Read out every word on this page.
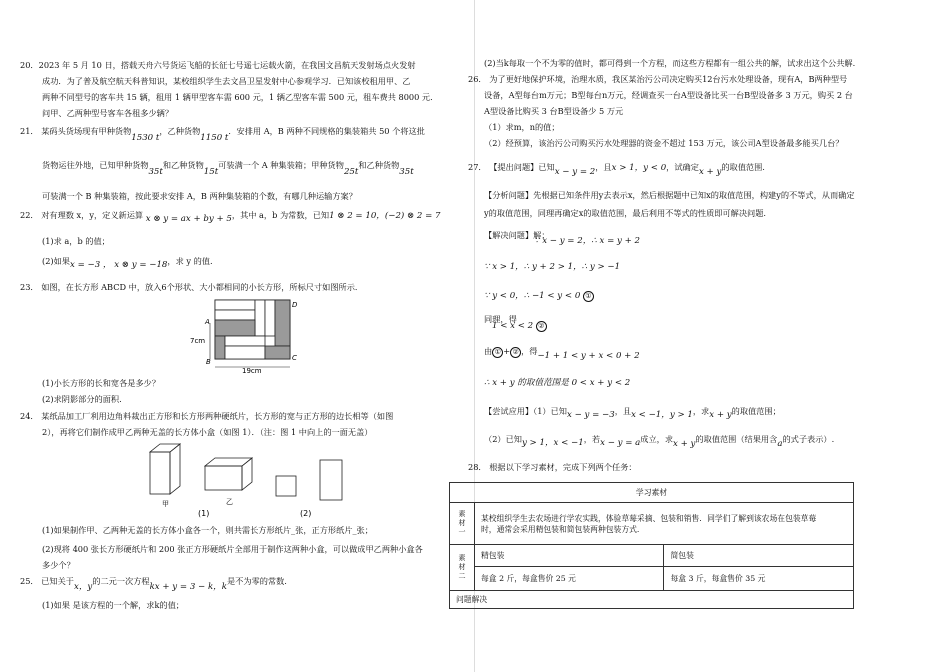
20．2023 年 5 月 10 日，搭载天舟六号货运飞船的长征七号遥七运载火箭，在我国文昌航天发射场点火发射
成功．为了普及航空航天科普知识，某校组织学生去文昌卫星发射中心参观学习．已知该校租用甲、乙
两种不同型号的客车共 15 辆，租用 1 辆甲型客车需 600 元，1 辆乙型客车需 500 元，租车费共 8000 元．
问甲、乙两种型号客车各租多少辆？
21． 某码头货场现有甲种货物1530 t，乙种货物1150 t．安排用 A，B 两种不同规格的集装箱共 50 个将这批
货物运往外地，已知甲种货物35t和乙种货物15t可装满一个 A 种集装箱；甲种货物25t和乙种货物35t
可装满一个 B 种集装箱，按此要求安排 A，B 两种集装箱的个数，有哪几种运输方案？
22． 对有理数 x，y，定义新运算 x ⊗ y = ax + by + 5，其中 a，b 为常数，已知1 ⊗ 2 = 10，(−2) ⊗ 2 = 7
(1)求 a，b 的值；
(2)如果x = −3 ， x ⊗ y = −18，求 y 的值.
23． 如图，在长方形 ABCD 中，放入6个形状、大小都相同的小长方形，所标尺寸如图所示．
A
B	C
D
7cm
19cm
(1)小长方形的长和宽各是多少？
(2)求阴影部分的面积.
24． 某纸品加工厂利用边角料裁出正方形和长方形两种硬纸片，长方形的宽与正方形的边长相等（如图
2），再将它们制作成甲乙两种无盖的长方体小盒（如图 1）．（注：图 1 中向上的一面无盖）
甲	乙
(1)	(2)
(1)如果制作甲、乙两种无盖的长方体小盒各一个，则共需长方形纸片_张，正方形纸片_张；
(2)现将 400 张长方形硬纸片和 200 张正方形硬纸片全部用于制作这两种小盒，可以做成甲乙两种小盒各
多少个？
25． 已知关于x，y的二元一次方程kx + y = 3 − k，k是不为零的常数.
(1)如果 是该方程的一个解，求k的值；
(2)当k每取一个不为零的值时，都可得到一个方程，而这些方程都有一组公共的解，试求出这个公共解.
26． 为了更好地保护环境，治理水质，我区某治污公司决定购买12台污水处理设备，现有A，B两种型号
设备，A型每台m万元；B型每台n万元，经调查买一台A型设备比买一台B型设备多 3 万元，购买 2 台
A型设备比购买 3 台B型设备少 5 万元
（1）求m，n的值；
（2）经预算，该治污公司购买污水处理器的资金不超过 153 万元，该公司A型设备最多能买几台？
27． 【提出问题】已知x − y = 2，且x > 1，y < 0，试确定x + y的取值范围.
【分析问题】先根据已知条件用y去表示x，然后根据题中已知x的取值范围，构建y的不等式，从而确定
y的取值范围，同理再确定x的取值范围，最后利用不等式的性质即可解决问题.
【解决问题】解：
∵ x − y = 2，∴ x = y + 2
∵ x > 1，∴ y + 2 > 1，∴ y > −1
∵ y < 0，∴ −1 < y < 0 ①
同理，得
1 < x < 2 ②
由 ① + ② ，得−1 + 1 < y + x < 0 + 2
∴ x + y 的取值范围是 0 < x + y < 2
【尝试应用】（1）已知x − y = −3，且x < −1，y > 1，求x + y的取值范围；
（2）已知y > 1，x < −1，若x − y = a成立，求x + y的取值范围（结果用含a的式子表示）.
28． 根据以下学习素材，完成下列两个任务：
学习素材		
素材一	某校组织学生去农场进行学农实践，体验草莓采摘、包装和销售．同学们了解到该农场在包装草莓
时，通常会采用精包装和简包装两种包装方式.	

素材二	精包装	简包装
	每盒 2 斤，每盒售价 25 元	每盒 3 斤，每盒售价 35 元
问题解决		
